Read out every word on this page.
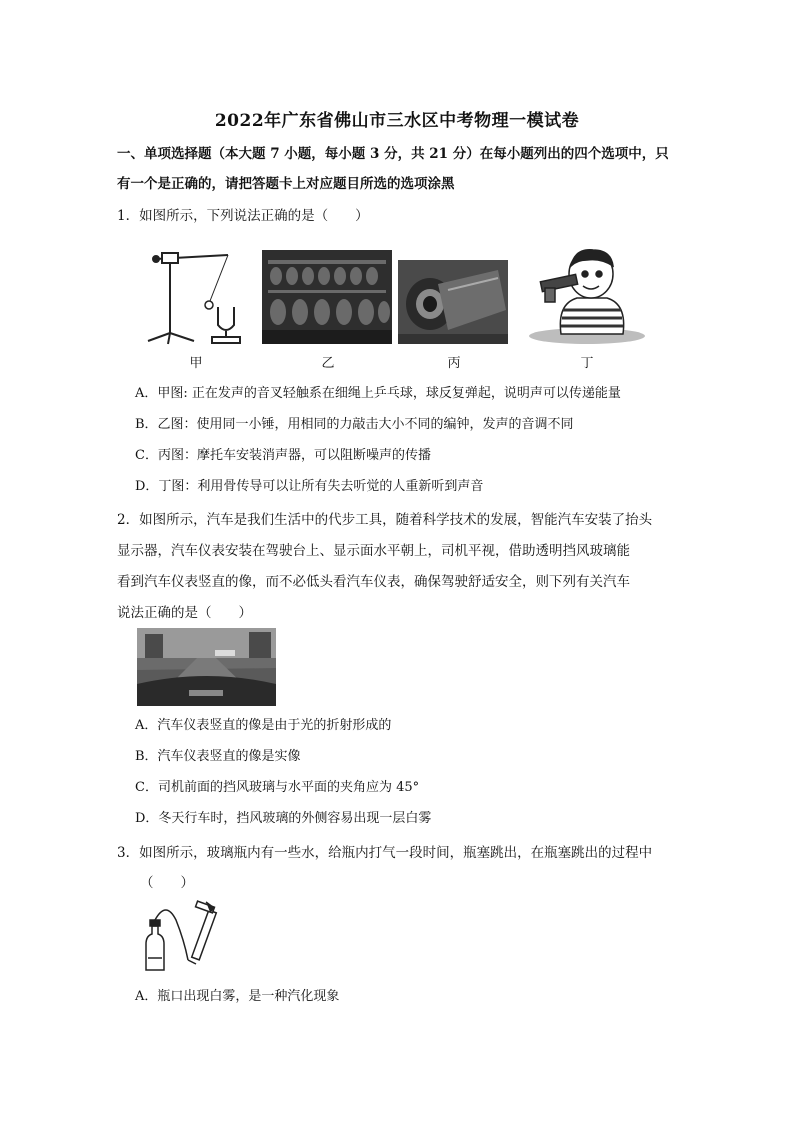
2022年广东省佛山市三水区中考物理一模试卷
一、单项选择题（本大题 7 小题，每小题 3 分，共 21 分）在每小题列出的四个选项中，只
有一个是正确的，请把答题卡上对应题目所选的选项涂黑
1．如图所示，下列说法正确的是（　　）
甲	乙	丙	丁
A．甲图: 正在发声的音叉轻触系在细绳上乒乓球，球反复弹起，说明声可以传递能量
B．乙图：使用同一小锤，用相同的力敲击大小不同的编钟，发声的音调不同
C．丙图：摩托车安装消声器，可以阻断噪声的传播
D．丁图：利用骨传导可以让所有失去听觉的人重新听到声音
2．如图所示，汽车是我们生活中的代步工具，随着科学技术的发展，智能汽车安装了抬头
显示器，汽车仪表安装在驾驶台上、显示面水平朝上，司机平视，借助透明挡风玻璃能
看到汽车仪表竖直的像，而不必低头看汽车仪表，确保驾驶舒适安全，则下列有关汽车
说法正确的是（　　）
A．汽车仪表竖直的像是由于光的折射形成的
B．汽车仪表竖直的像是实像
C．司机前面的挡风玻璃与水平面的夹角应为 45°
D．冬天行车时，挡风玻璃的外侧容易出现一层白雾
3．如图所示，玻璃瓶内有一些水，给瓶内打气一段时间，瓶塞跳出，在瓶塞跳出的过程中
（　　）
A．瓶口出现白雾，是一种汽化现象
